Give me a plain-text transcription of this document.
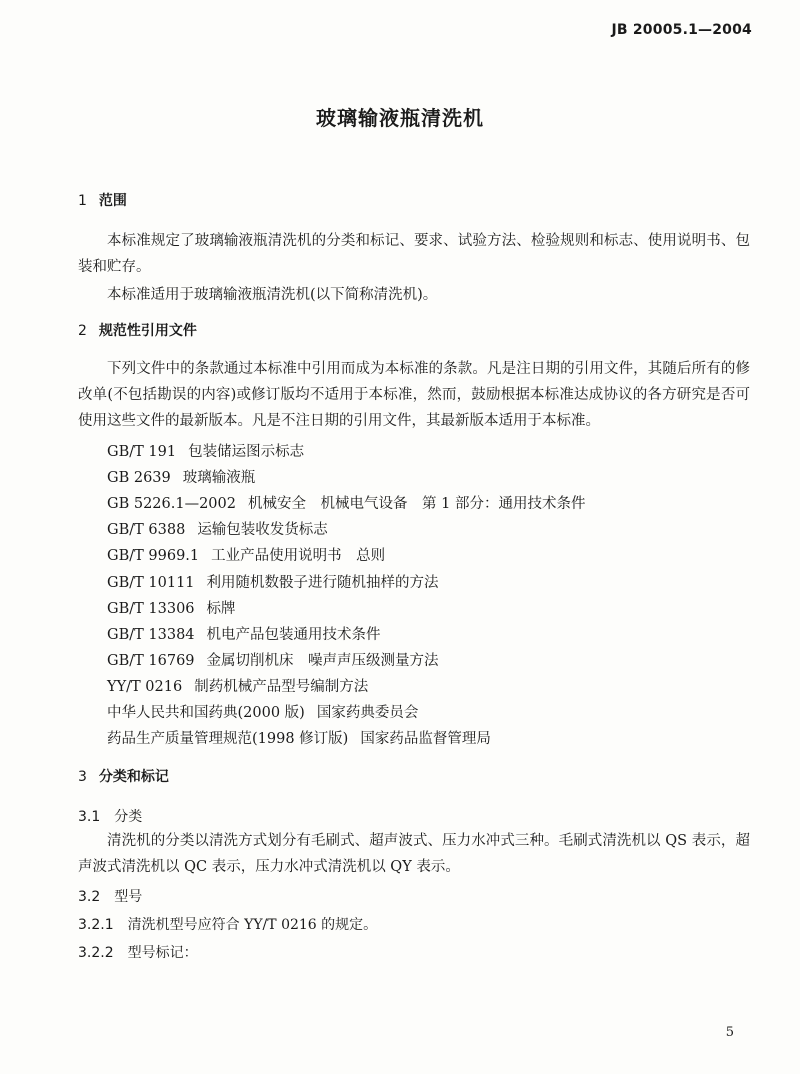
JB 20005.1—2004
玻璃输液瓶清洗机
1 范围
本标准规定了玻璃输液瓶清洗机的分类和标记、要求、试验方法、检验规则和标志、使用说明书、包装和贮存。
本标准适用于玻璃输液瓶清洗机(以下简称清洗机)。
2 规范性引用文件
下列文件中的条款通过本标准中引用而成为本标准的条款。凡是注日期的引用文件，其随后所有的修改单(不包括勘误的内容)或修订版均不适用于本标准，然而，鼓励根据本标准达成协议的各方研究是否可使用这些文件的最新版本。凡是不注日期的引用文件，其最新版本适用于本标准。
GB/T 191 包装储运图示标志
GB 2639 玻璃输液瓶
GB 5226.1—2002 机械安全　机械电气设备　第 1 部分：通用技术条件
GB/T 6388 运输包装收发货标志
GB/T 9969.1 工业产品使用说明书　总则
GB/T 10111 利用随机数骰子进行随机抽样的方法
GB/T 13306 标牌
GB/T 13384 机电产品包装通用技术条件
GB/T 16769 金属切削机床　噪声声压级测量方法
YY/T 0216 制药机械产品型号编制方法
中华人民共和国药典(2000 版) 国家药典委员会
药品生产质量管理规范(1998 修订版) 国家药品监督管理局
3 分类和标记
3.1 分类
清洗机的分类以清洗方式划分有毛刷式、超声波式、压力水冲式三种。毛刷式清洗机以 QS 表示，超声波式清洗机以 QC 表示，压力水冲式清洗机以 QY 表示。
3.2 型号
3.2.1 清洗机型号应符合 YY/T 0216 的规定。
3.2.2 型号标记：
5
